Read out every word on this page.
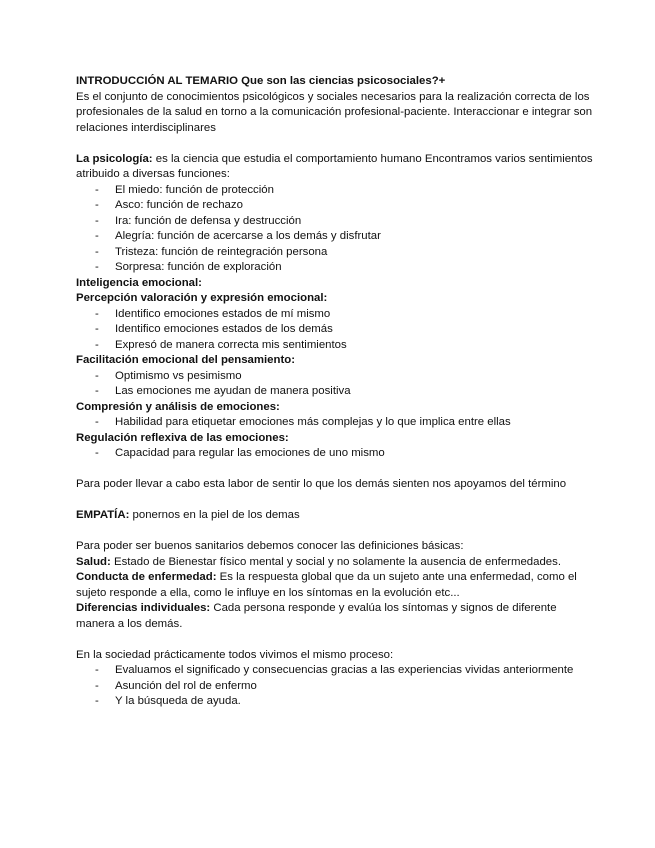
INTRODUCCIÓN AL TEMARIO Que son las ciencias psicosociales?+

Es el conjunto de conocimientos psicológicos y sociales necesarios para la realización correcta de los profesionales de la salud en torno a la comunicación profesional-paciente. Interaccionar e integrar son relaciones interdisciplinares

La psicología: es la ciencia que estudia el comportamiento humano Encontramos varios sentimientos atribuido a diversas funciones:

- El miedo: función de protección
- Asco: función de rechazo
- Ira: función de defensa y destrucción
- Alegría: función de acercarse a los demás y disfrutar
- Tristeza: función de reintegración persona
- Sorpresa: función de exploración

Inteligencia emocional:

Percepción valoración y expresión emocional:

- Identifico emociones estados de mí mismo
- Identifico emociones estados de los demás
- Expresó de manera correcta mis sentimientos

Facilitación emocional del pensamiento:

- Optimismo vs pesimismo
- Las emociones me ayudan de manera positiva

Compresión y análisis de emociones:

- Habilidad para etiquetar emociones más complejas y lo que implica entre ellas

Regulación reflexiva de las emociones:

- Capacidad para regular las emociones de uno mismo

Para poder llevar a cabo esta labor de sentir lo que los demás sienten nos apoyamos del término

EMPATÍA: ponernos en la piel de los demas

Para poder ser buenos sanitarios debemos conocer las definiciones básicas:

Salud: Estado de Bienestar físico mental y social y no solamente la ausencia de enfermedades.

Conducta de enfermedad: Es la respuesta global que da un sujeto ante una enfermedad, como el sujeto responde a ella, como le influye en los síntomas en la evolución etc...

Diferencias individuales: Cada persona responde y evalúa los síntomas y signos de diferente manera a los demás.

En la sociedad prácticamente todos vivimos el mismo proceso:

- Evaluamos el significado y consecuencias gracias a las experiencias vividas anteriormente
- Asunción del rol de enfermo
- Y la búsqueda de ayuda.
